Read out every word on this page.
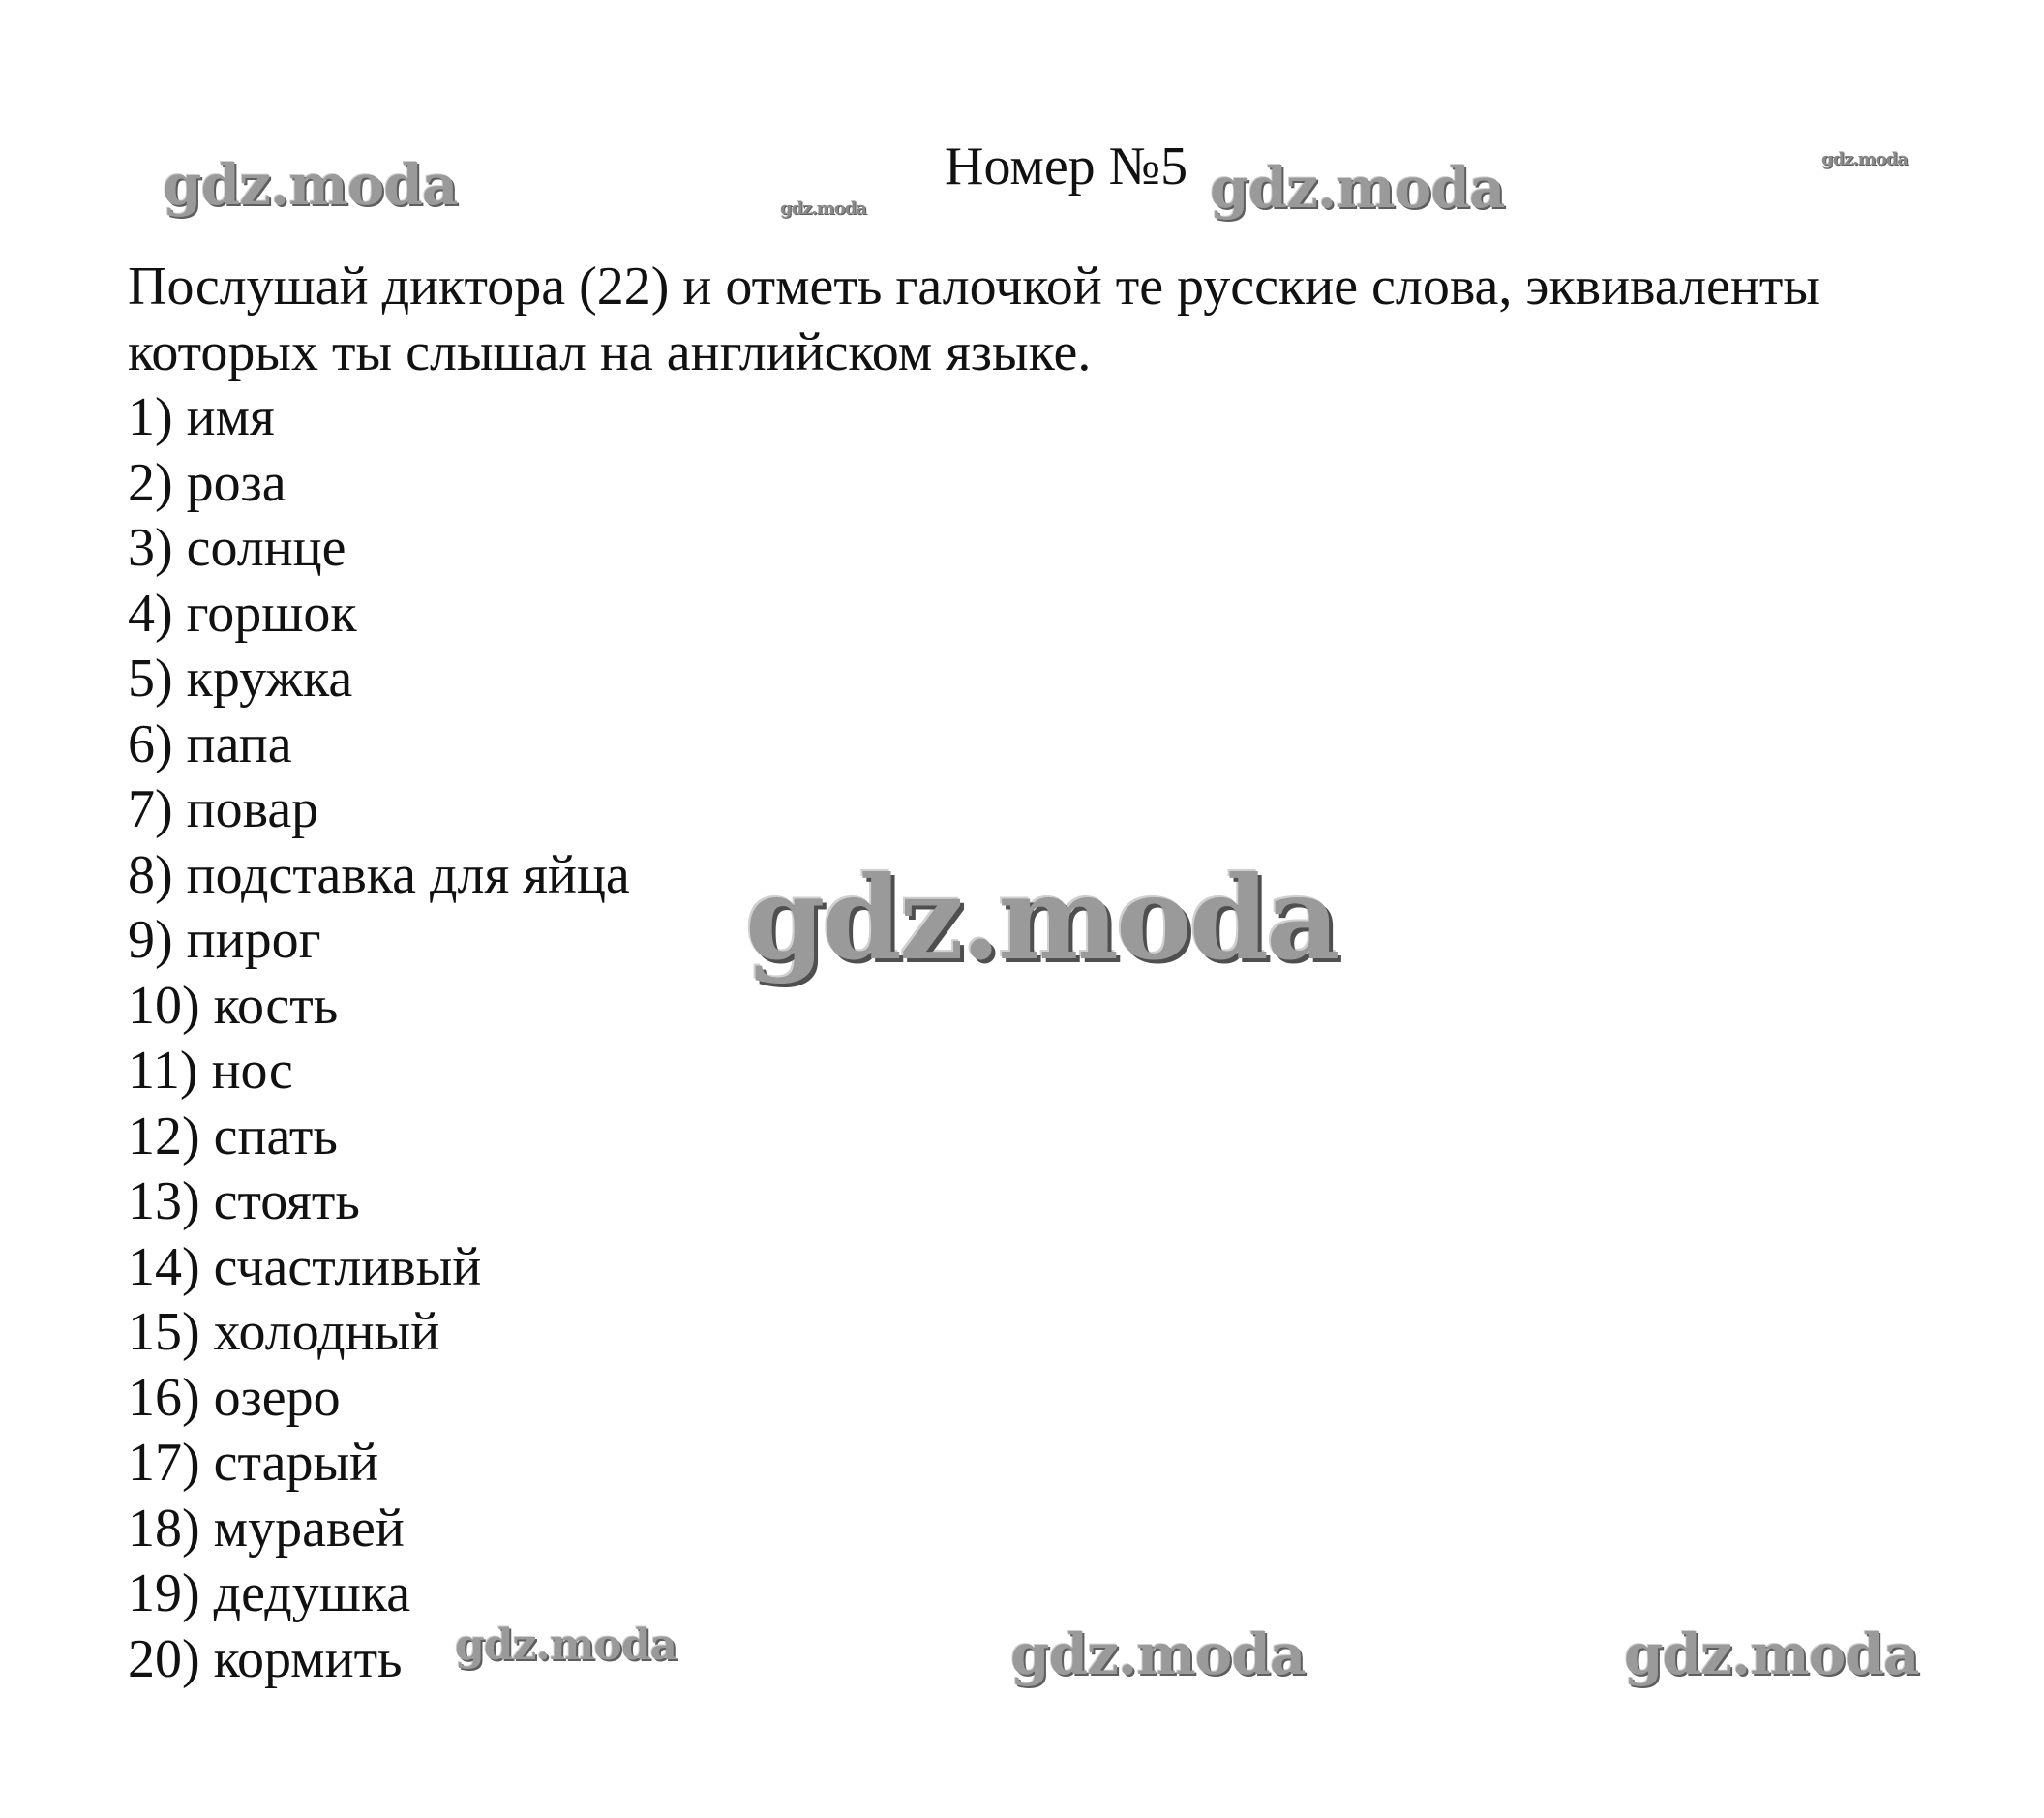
gdz.moda	gdz.moda	gdz.moda	gdz.moda
gdz.moda
gdz.moda	gdz.moda	gdz.moda
Номер №5

Послушай диктора (22) и отметь галочкой те русские слова, эквиваленты
которых ты слышал на английском языке.

1) имя
2) роза
3) солнце
4) горшок
5) кружка
6) папа
7) повар
8) подставка для яйца
9) пирог
10) кость
11) нос
12) спать
13) стоять
14) счастливый
15) холодный
16) озеро
17) старый
18) муравей
19) дедушка
20) кормить
